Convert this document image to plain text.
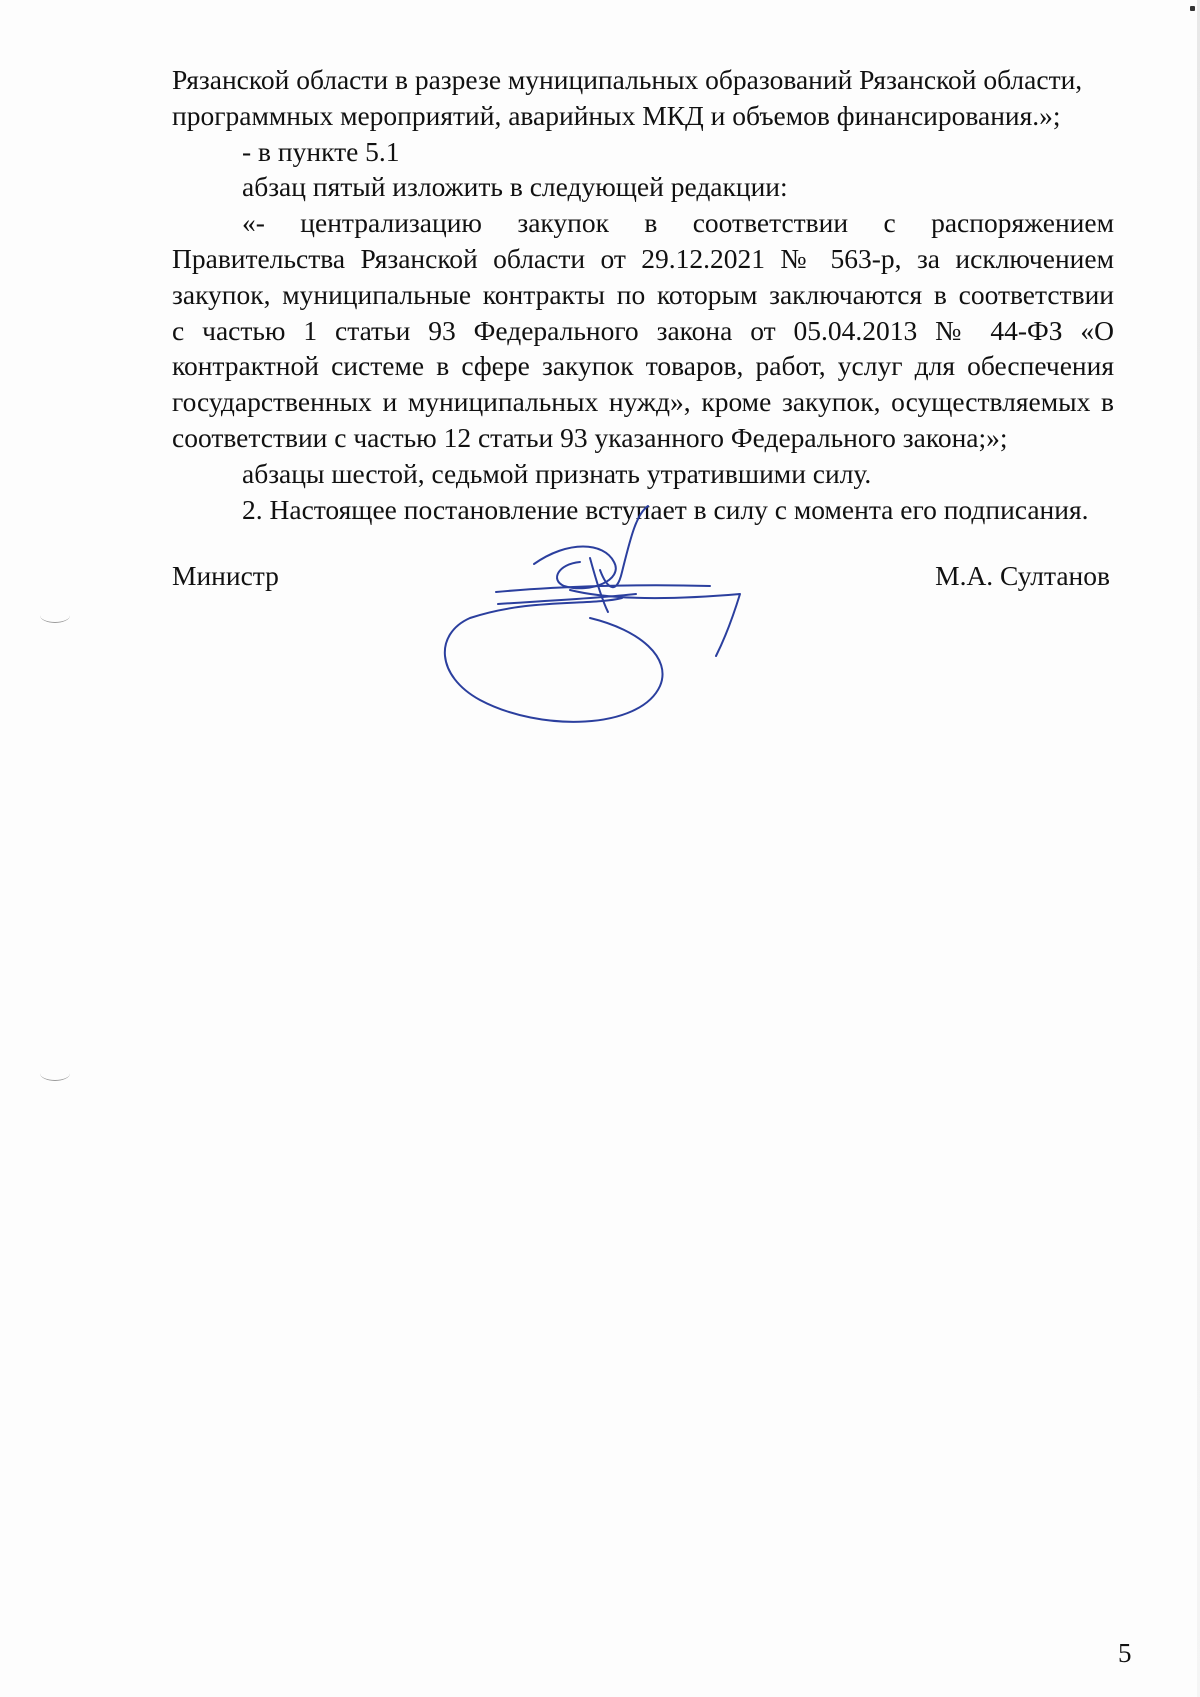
Рязанской области в разрезе муниципальных образований Рязанской области,
программных мероприятий, аварийных МКД и объемов финансирования.»;
- в пункте 5.1
абзац пятый изложить в следующей редакции:
«- централизацию закупок в соответствии с распоряжением
Правительства Рязанской области от 29.12.2021 № 563-р, за исключением
закупок, муниципальные контракты по которым заключаются в соответствии
с частью 1 статьи 93 Федерального закона от 05.04.2013 № 44-ФЗ «О
контрактной системе в сфере закупок товаров, работ, услуг для обеспечения
государственных и муниципальных нужд», кроме закупок, осуществляемых в
соответствии с частью 12 статьи 93 указанного Федерального закона;»;
абзацы шестой, седьмой признать утратившими силу.
2. Настоящее постановление вступает в силу с момента его подписания.
Министр	М.А. Султанов
5
